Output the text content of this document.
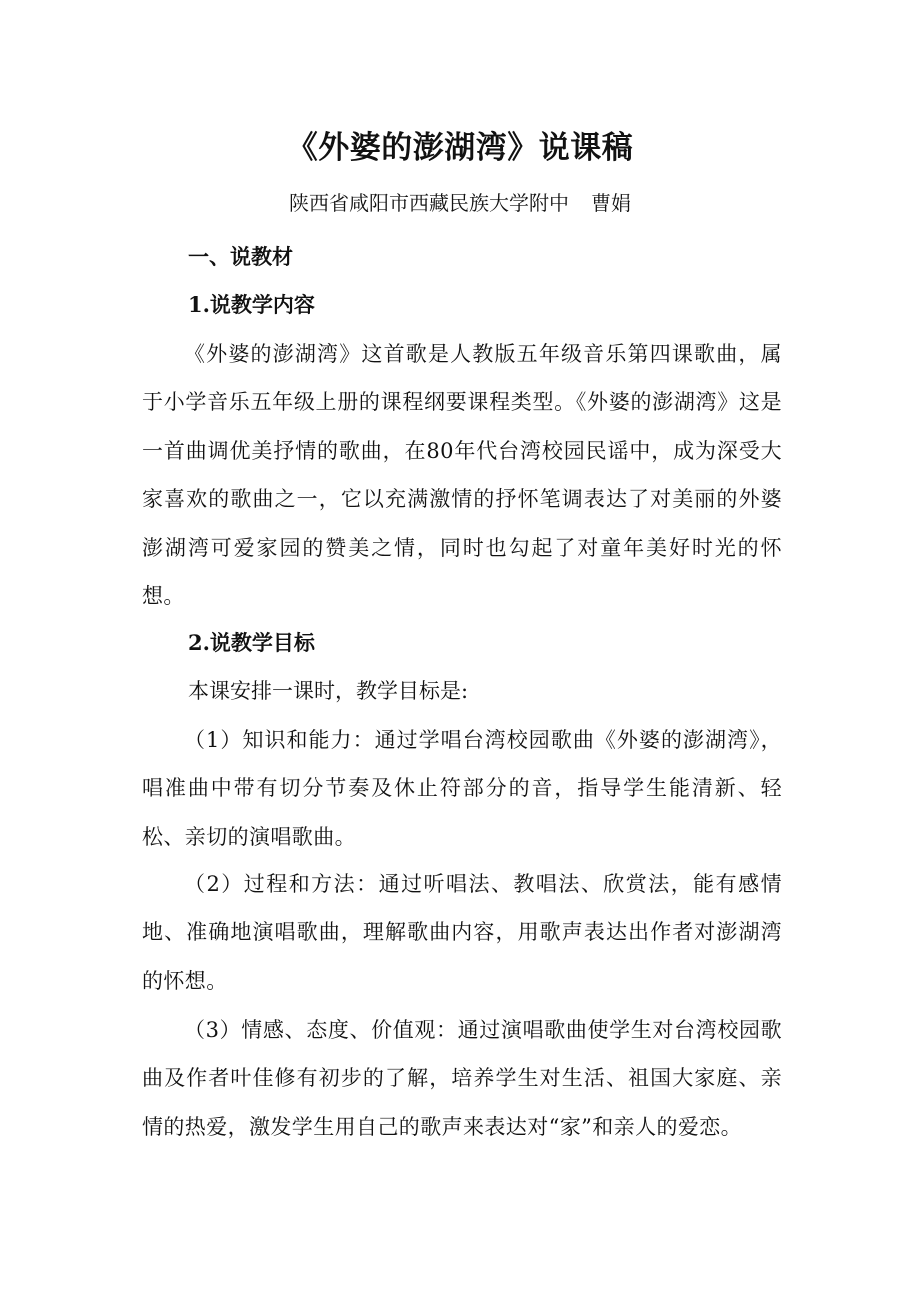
《外婆的澎湖湾》说课稿
陕西省咸阳市西藏民族大学附中 曹娟
一、说教材
1.说教学内容
《外婆的澎湖湾》这首歌是人教版五年级音乐第四课歌曲，属于小学音乐五年级上册的课程纲要课程类型。《外婆的澎湖湾》这是一首曲调优美抒情的歌曲，在80年代台湾校园民谣中，成为深受大家喜欢的歌曲之一，它以充满激情的抒怀笔调表达了对美丽的外婆澎湖湾可爱家园的赞美之情，同时也勾起了对童年美好时光的怀想。
2.说教学目标
本课安排一课时，教学目标是:
（1）知识和能力：通过学唱台湾校园歌曲《外婆的澎湖湾》，唱准曲中带有切分节奏及休止符部分的音，指导学生能清新、轻松、亲切的演唱歌曲。
（2）过程和方法：通过听唱法、教唱法、欣赏法，能有感情地、准确地演唱歌曲，理解歌曲内容，用歌声表达出作者对澎湖湾的怀想。
（3）情感、态度、价值观：通过演唱歌曲使学生对台湾校园歌曲及作者叶佳修有初步的了解，培养学生对生活、祖国大家庭、亲情的热爱，激发学生用自己的歌声来表达对“家”和亲人的爱恋。
